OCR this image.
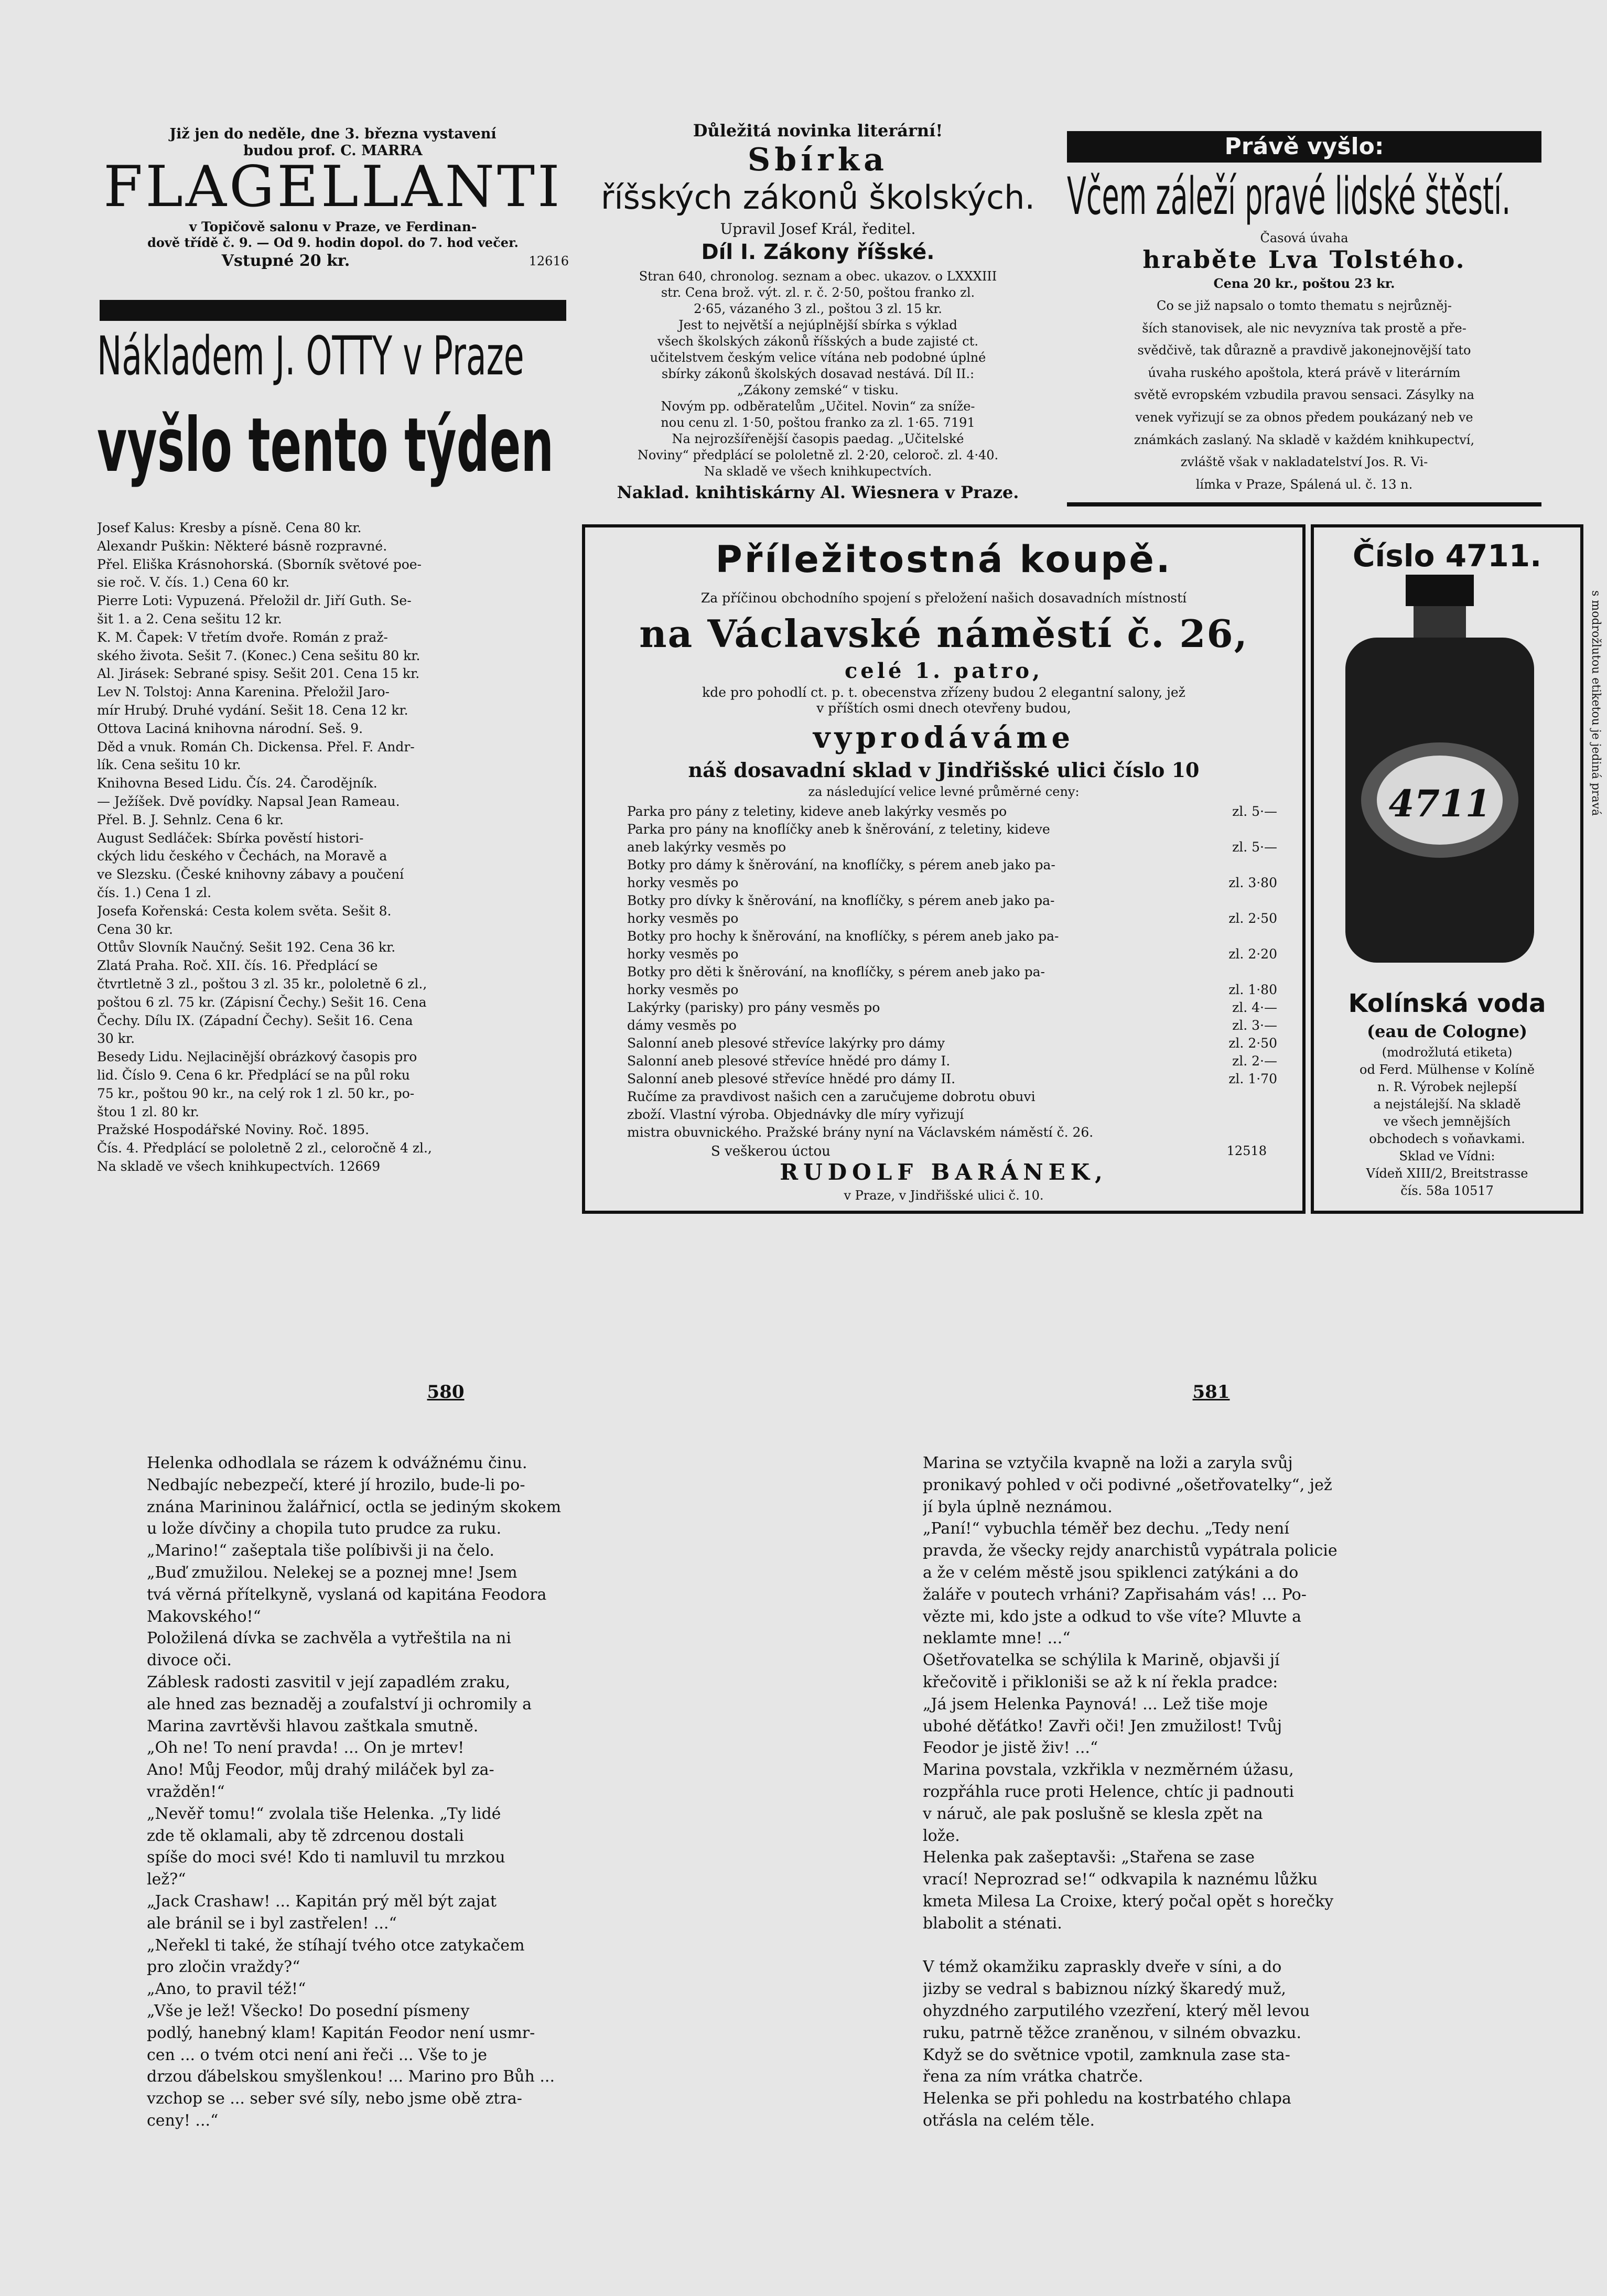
Již jen do neděle, dne 3. března vystavení
budou prof. C. MARRA
FLAGELLANTI
v Topičově salonu v Praze, ve Ferdinan-
dově třídě č. 9. — Od 9. hodin dopol. do 7. hod večer.
Vstupné 20 kr.	12616
Nákladem J. OTTY v Praze
vyšlo tento týden
Josef Kalus: Kresby a písně. Cena 80 kr.
Alexandr Puškin: Některé básně rozpravné.
Přel. Eliška Krásnohorská. (Sborník světové poe-
sie roč. V. čís. 1.) Cena 60 kr.
Pierre Loti: Vypuzená. Přeložil dr. Jiří Guth. Se-
šit 1. a 2. Cena sešitu 12 kr.
K. M. Čapek: V třetím dvoře. Román z praž-
ského života. Sešit 7. (Konec.) Cena sešitu 80 kr.
Al. Jirásek: Sebrané spisy. Sešit 201. Cena 15 kr.
Lev N. Tolstoj: Anna Karenina. Přeložil Jaro-
mír Hrubý. Druhé vydání. Sešit 18. Cena 12 kr.
Ottova Laciná knihovna národní. Seš. 9.
Děd a vnuk. Román Ch. Dickensa. Přel. F. Andr-
lík. Cena sešitu 10 kr.
Knihovna Besed Lidu. Čís. 24. Čarodějník.
— Ježíšek. Dvě povídky. Napsal Jean Rameau.
Přel. B. J. Sehnlz. Cena 6 kr.
August Sedláček: Sbírka pověstí histori-
ckých lidu českého v Čechách, na Moravě a
ve Slezsku. (České knihovny zábavy a poučení
čís. 1.) Cena 1 zl.
Josefa Kořenská: Cesta kolem světa. Sešit 8.
Cena 30 kr.
Ottův Slovník Naučný. Sešit 192. Cena 36 kr.
Zlatá Praha. Roč. XII. čís. 16. Předplácí se
čtvrtletně 3 zl., poštou 3 zl. 35 kr., pololetně 6 zl.,
poštou 6 zl. 75 kr. (Zápisní Čechy.) Sešit 16. Cena
Čechy. Dílu IX. (Západní Čechy). Sešit 16. Cena
30 kr.
Besedy Lidu. Nejlacinější obrázkový časopis pro
lid. Číslo 9. Cena 6 kr. Předplácí se na půl roku
75 kr., poštou 90 kr., na celý rok 1 zl. 50 kr., po-
štou 1 zl. 80 kr.
Pražské Hospodářské Noviny. Roč. 1895.
Čís. 4. Předplácí se pololetně 2 zl., celoročně 4 zl.,
Na skladě ve všech knihkupectvích. 12669
Důležitá novinka literární!
Sbírka
říšských zákonů školských.
Upravil Josef Král, ředitel.
Díl I. Zákony říšské.
Stran 640, chronolog. seznam a obec. ukazov. o LXXXIII
str. Cena brož. výt. zl. r. č. 2·50, poštou franko zl.
2·65, vázaného 3 zl., poštou 3 zl. 15 kr.
Jest to největší a nejúplnější sbírka s výklad
všech školských zákonů říšských a bude zajisté ct.
učitelstvem českým velice vítána neb podobné úplné
sbírky zákonů školských dosavad nestává. Díl II.:
„Zákony zemské“ v tisku.
Novým pp. odběratelům „Učitel. Novin“ za sníže-
nou cenu zl. 1·50, poštou franko za zl. 1·65. 7191
Na nejrozšířenější časopis paedag. „Učitelské
Noviny“ předplácí se pololetně zl. 2·20, celoroč. zl. 4·40.
Na skladě ve všech knihkupectvích.
Naklad. knihtiskárny Al. Wiesnera v Praze.
Právě vyšlo:
Včem záleží pravé lidské štěstí.
Časová úvaha
hraběte Lva Tolstého.
Cena 20 kr., poštou 23 kr.
Co se již napsalo o tomto thematu s nejrůzněj-
ších stanovisek, ale nic nevyzníva tak prostě a pře-
svědčivě, tak důrazně a pravdivě jakonejnovější tato
úvaha ruského apoštola, která právě v literárním
světě evropském vzbudila pravou sensaci. Zásylky na
venek vyřizují se za obnos předem poukázaný neb ve
známkách zaslaný. Na skladě v každém knihkupectví,
zvláště však v nakladatelství Jos. R. Vi-
límka v Praze, Spálená ul. č. 13 n.
Příležitostná koupě.
Za příčinou obchodního spojení s přeložení našich dosavadních místností
na Václavské náměstí č. 26,
celé 1. patro,
kde pro pohodlí ct. p. t. obecenstva zřízeny budou 2 elegantní salony, jež
v příštích osmi dnech otevřeny budou,
vyprodáváme
náš dosavadní sklad v Jindřišské ulici číslo 10
za následující velice levné průměrné ceny:
Parka pro pány z teletiny, kideve aneb lakýrky vesměs po	zl. 5·—
Parka pro pány na knoflíčky aneb k šněrování, z teletiny, kideve
aneb lakýrky vesměs po	zl. 5·—
Botky pro dámy k šněrování, na knoflíčky, s pérem aneb jako pa-
horky vesměs po	zl. 3·80
Botky pro dívky k šněrování, na knoflíčky, s pérem aneb jako pa-
horky vesměs po	zl. 2·50
Botky pro hochy k šněrování, na knoflíčky, s pérem aneb jako pa-
horky vesměs po	zl. 2·20
Botky pro děti k šněrování, na knoflíčky, s pérem aneb jako pa-
horky vesměs po	zl. 1·80
Lakýrky (parisky) pro pány vesměs po	zl. 4·—
dámy vesměs po	zl. 3·—
Salonní aneb plesové střevíce lakýrky pro dámy	zl. 2·50
Salonní aneb plesové střevíce hnědé pro dámy I.	zl. 2·—
Salonní aneb plesové střevíce hnědé pro dámy II.	zl. 1·70
Ručíme za pravdivost našich cen a zaručujeme dobrotu obuvi
zboží. Vlastní výroba. Objednávky dle míry vyřizují
mistra obuvnického. Pražské brány nyní na Václavském náměstí č. 26.
S veškerou úctou	12518
RUDOLF BARÁNEK,
v Praze, v Jindřišské ulici č. 10.
Číslo 4711.
4711	s modrožlutou etiketou je jediná pravá
Kolínská voda
(eau de Cologne)
(modrožlutá etiketa)
od Ferd. Mülhense v Kolíně
n. R. Výrobek nejlepší
a nejstálejší. Na skladě
ve všech jemnějších
obchodech s voňavkami.
Sklad ve Vídni:
Vídeň XIII/2, Breitstrasse
čís. 58a 10517
580	581
Helenka odhodlala se rázem k odvážnému činu.
Nedbajíc nebezpečí, které jí hrozilo, bude-li po-
znána Marininou žalářnicí, octla se jediným skokem
u lože dívčiny a chopila tuto prudce za ruku.
„Marino!“ zašeptala tiše políbivši ji na čelo.
„Buď zmužilou. Nelekej se a poznej mne! Jsem
tvá věrná přítelkyně, vyslaná od kapitána Feodora
Makovského!“
Položilená dívka se zachvěla a vytřeštila na ni
divoce oči.
Záblesk radosti zasvitil v její zapadlém zraku,
ale hned zas beznaděj a zoufalství ji ochromily a
Marina zavrtěvši hlavou zaštkala smutně.
„Oh ne! To není pravda! ... On je mrtev!
Ano! Můj Feodor, můj drahý miláček byl za-
vražděn!“
„Nevěř tomu!“ zvolala tiše Helenka. „Ty lidé
zde tě oklamali, aby tě zdrcenou dostali
spíše do moci své! Kdo ti namluvil tu mrzkou
lež?“
„Jack Crashaw! ... Kapitán prý měl být zajat
ale bránil se i byl zastřelen! ...“
„Neřekl ti také, že stíhají tvého otce zatykačem
pro zločin vraždy?“
„Ano, to pravil též!“
„Vše je lež! Všecko! Do posední písmeny
podlý, hanebný klam! Kapitán Feodor není usmr-
cen ... o tvém otci není ani řeči ... Vše to je
drzou ďábelskou smyšlenkou! ... Marino pro Bůh ...
vzchop se ... seber své síly, nebo jsme obě ztra-
ceny! ...“
Marina se vztyčila kvapně na loži a zaryla svůj
pronikavý pohled v oči podivné „ošetřovatelky“, jež
jí byla úplně neznámou.
„Paní!“ vybuchla téměř bez dechu. „Tedy není
pravda, že všecky rejdy anarchistů vypátrala policie
a že v celém městě jsou spiklenci zatýkáni a do
žaláře v poutech vrháni? Zapřisahám vás! ... Po-
vězte mi, kdo jste a odkud to vše víte? Mluvte a
neklamte mne! ...“
Ošetřovatelka se schýlila k Marině, objavši jí
křečovitě i přikloniši se až k ní řekla pradce:
„Já jsem Helenka Paynová! ... Lež tiše moje
ubohé děťátko! Zavři oči! Jen zmužilost! Tvůj
Feodor je jistě živ! ...“
Marina povstala, vzkřikla v nezměrném úžasu,
rozpřáhla ruce proti Helence, chtíc ji padnouti
v náruč, ale pak poslušně se klesla zpět na
lože.
Helenka pak zašeptavši: „Stařena se zase
vrací! Neprozrad se!“ odkvapila k naznému lůžku
kmeta Milesa La Croixe, který počal opět s horečky
blabolit a sténati.
V témž okamžiku zapraskly dveře v síni, a do
jizby se vedral s babiznou nízký škaredý muž,
ohyzdného zarputilého vzezření, který měl levou
ruku, patrně těžce zraněnou, v silném obvazku.
Když se do světnice vpotil, zamknula zase sta-
řena za ním vrátka chatrče.
Helenka se při pohledu na kostrbatého chlapa
otřásla na celém těle.
